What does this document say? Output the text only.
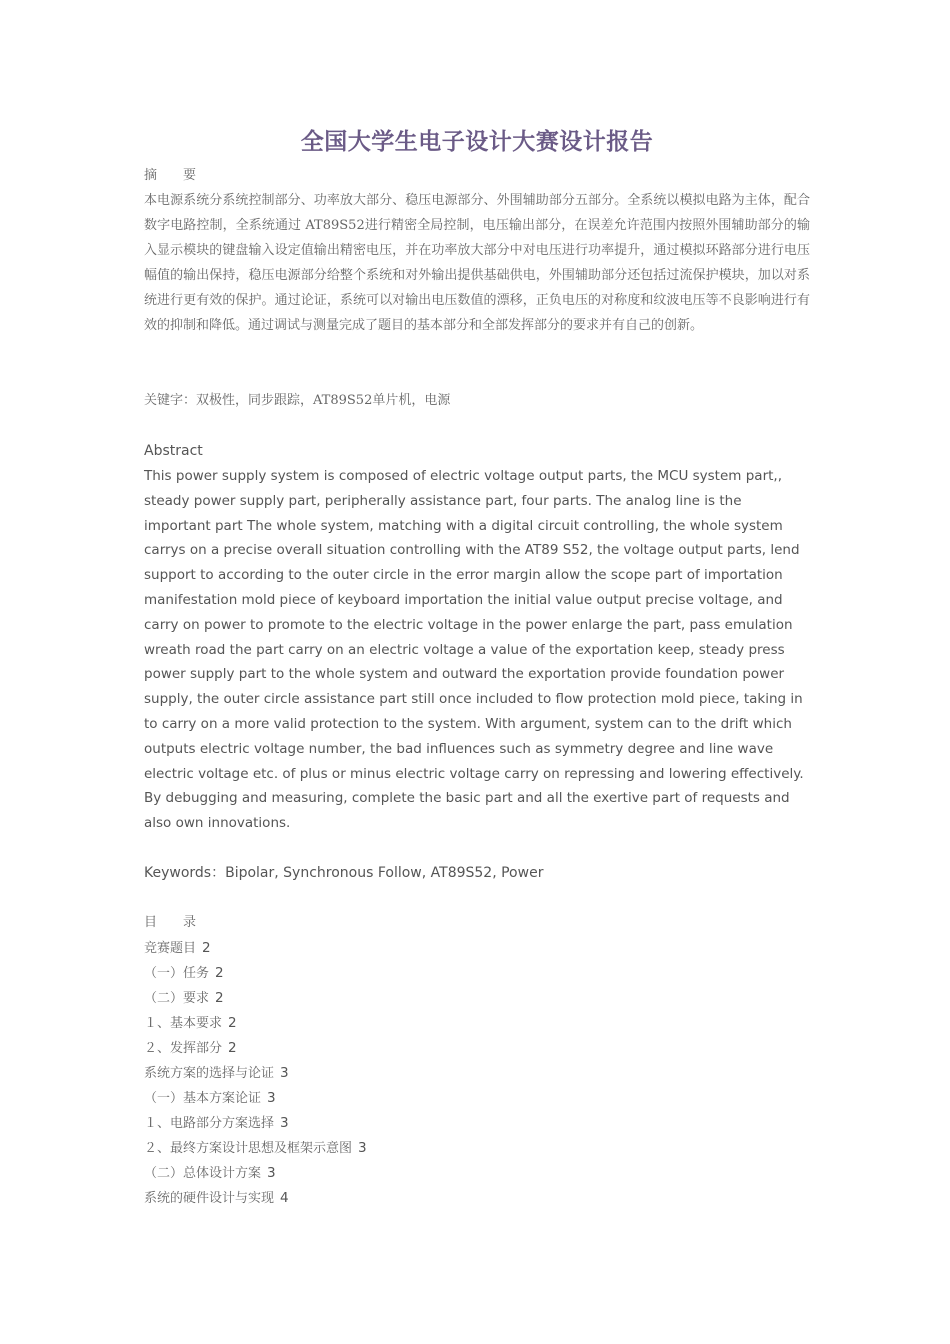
全国大学生电子设计大赛设计报告

摘　　要

本电源系统分系统控制部分、功率放大部分、稳压电源部分、外围辅助部分五部分。全系统以模拟电路为主体，配合数字电路控制，全系统通过 AT89S52进行精密全局控制，电压输出部分，在误差允许范围内按照外围辅助部分的输入显示模块的键盘输入设定值输出精密电压，并在功率放大部分中对电压进行功率提升，通过模拟环路部分进行电压幅值的输出保持，稳压电源部分给整个系统和对外输出提供基础供电，外围辅助部分还包括过流保护模块，加以对系统进行更有效的保护。通过论证，系统可以对输出电压数值的漂移，正负电压的对称度和纹波电压等不良影响进行有效的抑制和降低。通过调试与测量完成了题目的基本部分和全部发挥部分的要求并有自己的创新。

关键字：双极性，同步跟踪，AT89S52单片机，电源

Abstract

This power supply system is composed of electric voltage output parts, the MCU system part,, steady power supply part, peripherally assistance part, four parts. The analog line is the important part The whole system, matching with a digital circuit controlling, the whole system carrys on a precise overall situation controlling with the AT89 S52, the voltage output parts, lend support to according to the outer circle in the error margin allow the scope part of importation manifestation mold piece of keyboard importation the initial value output precise voltage, and carry on power to promote to the electric voltage in the power enlarge the part, pass emulation wreath road the part carry on an electric voltage a value of the exportation keep, steady press power supply part to the whole system and outward the exportation provide foundation power supply, the outer circle assistance part still once included to flow protection mold piece, taking in to carry on a more valid protection to the system. With argument, system can to the drift which outputs electric voltage number, the bad influences such as symmetry degree and line wave electric voltage etc. of plus or minus electric voltage carry on repressing and lowering effectively. By debugging and measuring, complete the basic part and all the exertive part of requests and also own innovations.

Keywords：Bipolar, Synchronous Follow, AT89S52, Power

目　　录

竞赛题目 2
（一）任务 2
（二）要求 2
１、基本要求 2
２、发挥部分 2
系统方案的选择与论证 3
（一）基本方案论证 3
１、电路部分方案选择 3
２、最终方案设计思想及框架示意图 3
（二）总体设计方案 3
系统的硬件设计与实现 4
